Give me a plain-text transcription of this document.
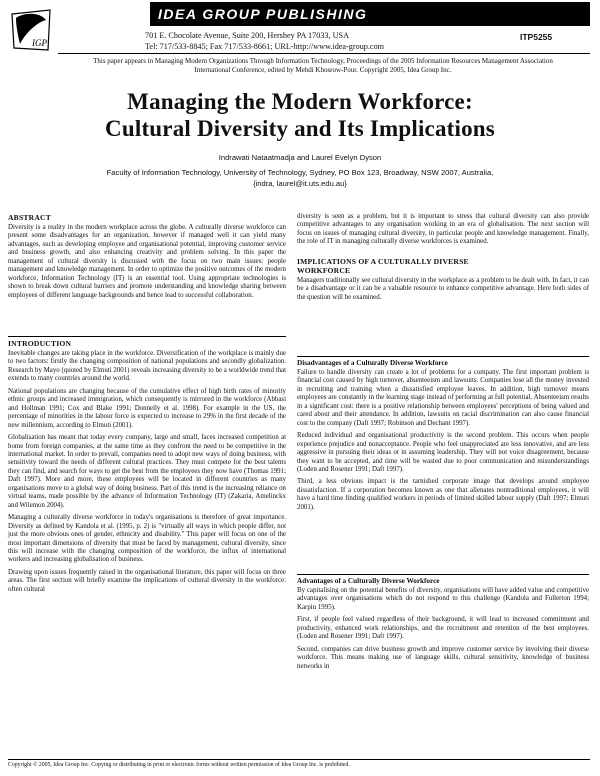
IGP
IDEA GROUP PUBLISHING
701 E. Chocolate Avenue, Suite 200, Hershey PA 17033, USA
Tel: 717/533-8845; Fax 717/533-8661; URL-http://www.idea-group.com
ITP5255
This paper appears in Managing Modern Organizations Through Information Technology, Proceedings of the 2005 Information Resources Management Association International Conference, edited by Mehdi Khosrow-Pour. Copyright 2005, Idea Group Inc.
Managing the Modern Workforce:
Cultural Diversity and Its Implications
Indrawati Nataatmadja and Laurel Evelyn Dyson
Faculty of Information Technology, University of Technology, Sydney, PO Box 123, Broadway, NSW 2007, Australia,
{indra, laurel@it.uts.edu.au}
ABSTRACT

Diversity is a reality in the modern workplace across the globe. A culturally diverse workforce can present some disadvantages for an organization, however if managed well it can yield many advantages, such as developing employee and organisational potential, improving customer service and business growth, and also enhancing creativity and problem solving. In this paper the management of cultural diversity is discussed with the focus on two main issues: people management and knowledge management. In order to optimize the positive outcomes of the modern workforce, Information Technology (IT) is an essential tool. Using appropriate technologies is shown to break down cultural barriers and promote understanding and knowledge sharing between employees of different language backgrounds and hence lead to successful collaboration.

INTRODUCTION

Inevitable changes are taking place in the workforce. Diversification of the workplace is mainly due to two factors: firstly the changing composition of national populations and secondly globalization. Research by Mayo (quoted by Elmuti 2001) reveals increasing diversity to be a worldwide trend that extends to many countries around the world.

National populations are changing because of the cumulative effect of high birth rates of minority ethnic groups and increased immigration, which consequently is mirrored in the workforce (Abbasi and Hollman 1991; Cox and Blake 1991; Donnelly et al. 1998). For example in the US, the percentage of minorities in the labour force is expected to increase to 29% in the first decade of the new millennium, according to Elmuti (2001).

Globalisation has meant that today every company, large and small, faces increased competition at home from foreign companies, at the same time as they confront the need to be competitive in the international market. In order to prevail, companies need to adopt new ways of doing business, with sensitivity toward the needs of different cultural practices. They must compete for the best talents they can find, and search for ways to get the best from the employees they now have (Thomas 1991; Daft 1997). More and more, these employees will be located in different countries as many organisations move to a global way of doing business. Part of this trend is the increasing reliance on virtual teams, made possible by the advance of Information Technology (IT) (Zakaria, Amelinckx and Wilemon 2004).

Managing a culturally diverse workforce in today's organisations is therefore of great importance. Diversity as defined by Kandola et al. (1995, p. 2) is "virtually all ways in which people differ, not just the more obvious ones of gender, ethnicity and disability." This paper will focus on one of the most important dimensions of diversity that must be faced by management, cultural diversity, since this will increase with the changing composition of the workforce, the influx of international workers and increasing globalisation of business.

Drawing upon issues frequently raised in the organisational literature, this paper will focus on three areas. The first section will briefly examine the implications of cultural diversity in the workforce: often cultural

diversity is seen as a problem, but it is important to stress that cultural diversity can also provide competitive advantages to any organisation working in an era of globalisation. The next section will focus on issues of managing cultural diversity, in particular people and knowledge management. Finally, the role of IT in managing culturally diverse workforces is examined.

IMPLICATIONS OF A CULTURALLY DIVERSE
WORKFORCE

Managers traditionally see cultural diversity in the workplace as a problem to be dealt with. In fact, it can be a disadvantage or it can be a valuable resource to enhance competitive advantage. Here both sides of the question will be examined.

Disadvantages of a Culturally Diverse Workforce

Failure to handle diversity can create a lot of problems for a company. The first important problem is financial cost caused by high turnover, absenteeism and lawsuits. Companies lose all the money invested in recruiting and training when a dissatisfied employee leaves. In addition, high turnover means employees are constantly in the learning stage instead of performing at full potential. Absenteeism results in a significant cost: there is a positive relationship between employees' perceptions of being valued and cared about and their attendance. In addition, lawsuits on racial discrimination can also cause financial cost to the company (Daft 1997; Robinson and Dechant 1997).

Reduced individual and organisational productivity is the second problem. This occurs when people experience prejudice and nonacceptance. People who feel unappreciated are less innovative, and are less aggressive in pursuing their ideas or in assuming leadership. They will not voice disagreement, because they want to be accepted, and time will be wasted due to poor communication and misunderstandings (Loden and Rosener 1991; Daft 1997).

Third, a less obvious impact is the tarnished corporate image that develops around employee dissatisfaction. If a corporation becomes known as one that alienates nontraditional employees, it will have a hard time finding qualified workers in periods of limited skilled labour supply (Daft 1997; Elmuti 2001).

Advantages of a Culturally Diverse Workforce

By capitalising on the potential benefits of diversity, organisations will have added value and competitive advantages over organisations which do not respond to this challenge (Kandola and Fullerton 1994; Karpin 1995).

First, if people feel valued regardless of their background, it will lead to increased commitment and productivity, enhanced work relationships, and the recruitment and retention of the best employees. (Loden and Rosener 1991; Daft 1997).

Second, companies can drive business growth and improve customer service by involving their diverse workforce. This means making use of language skills, cultural sensitivity, knowledge of business networks in

Copyright © 2005, Idea Group Inc. Copying or distributing in print or electronic forms without written permission of Idea Group Inc. is prohibited.
